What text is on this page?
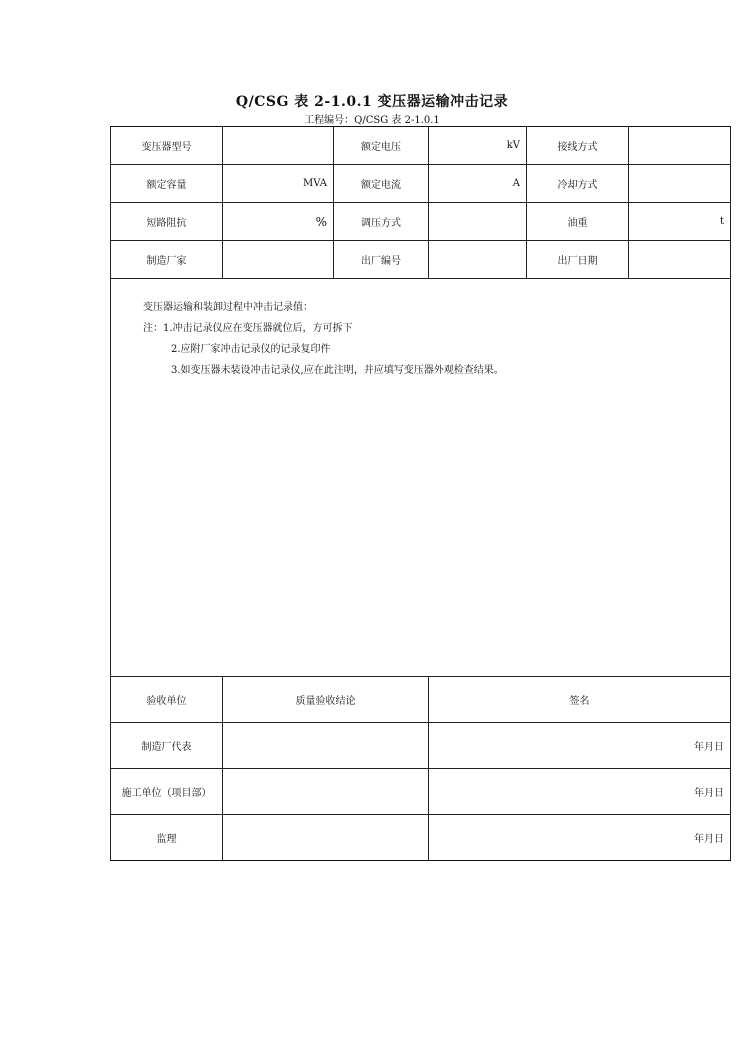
Q/CSG 表 2-1.0.1 变压器运输冲击记录
工程编号：Q/CSG 表 2-1.0.1
变压器型号		额定电压	kV	接线方式	
额定容量	MVA	额定电流	A	冷却方式	
短路阻抗	%	调压方式		油重	t
制造厂家		出厂编号		出厂日期	

变压器运输和装卸过程中冲击记录值：
注：1.冲击记录仪应在变压器就位后，方可拆下
2.应附厂家冲击记录仪的记录复印件
3.如变压器未装设冲击记录仪,应在此注明，并应填写变压器外观检查结果。					

验收单位	质量验收结论		签名		
制造厂代表			年月日		
施工单位（项目部）			年月日		
监理			年月日		
